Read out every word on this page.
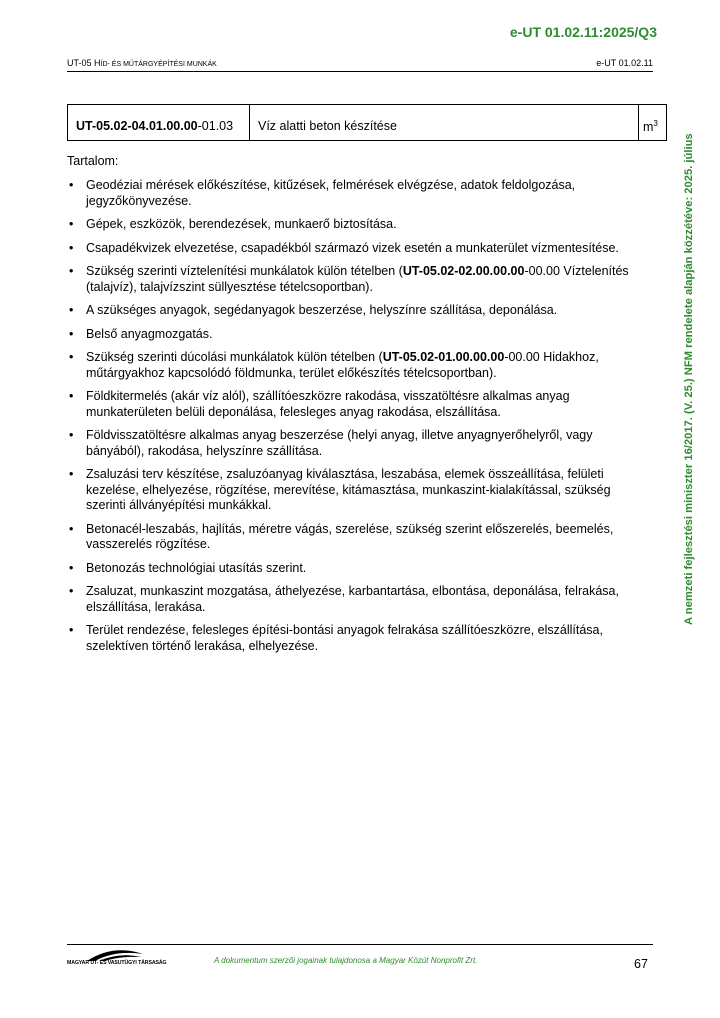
e-UT 01.02.11:2025/Q3
UT-05 HÍD- ÉS MŰTÁRGYÉPÍTÉSI MUNKÁK	e-UT 01.02.11
A nemzeti fejlesztési miniszter 16/2017. (V. 25.) NFM rendelete alapján közzétéve: 2025. július
UT-05.02-04.01.00.00-01.03	Víz alatti beton készítése	$m^3$
Tartalom:
• Geodéziai mérések előkészítése, kitűzések, felmérések elvégzése, adatok feldolgozása, jegyzőkönyvezése.
• Gépek, eszközök, berendezések, munkaerő biztosítása.
• Csapadékvizek elvezetése, csapadékból származó vizek esetén a munkaterület vízmentesítése.
• Szükség szerinti víztelenítési munkálatok külön tételben (UT-05.02-02.00.00.00-00.00 Víztelenítés (talajvíz), talajvízszint süllyesztése tételcsoportban).
• A szükséges anyagok, segédanyagok beszerzése, helyszínre szállítása, deponálása.
• Belső anyagmozgatás.
• Szükség szerinti dúcolási munkálatok külön tételben (UT-05.02-01.00.00.00-00.00 Hidakhoz, műtárgyakhoz kapcsolódó földmunka, terület előkészítés tételcsoportban).
• Földkitermelés (akár víz alól), szállítóeszközre rakodása, visszatöltésre alkalmas anyag munkaterületen belüli deponálása, felesleges anyag rakodása, elszállítása.
• Földvisszatöltésre alkalmas anyag beszerzése (helyi anyag, illetve anyagnyerőhelyről, vagy bányából), rakodása, helyszínre szállítása.
• Zsaluzási terv készítése, zsaluzóanyag kiválasztása, leszabása, elemek összeállítása, felületi kezelése, elhelyezése, rögzítése, merevítése, kitámasztása, munkaszint-kialakítással, szükség szerinti állványépítési munkákkal.
• Betonacél-leszabás, hajlítás, méretre vágás, szerelése, szükség szerint előszerelés, beemelés, vasszerelés rögzítése.
• Betonozás technológiai utasítás szerint.
• Zsaluzat, munkaszint mozgatása, áthelyezése, karbantartása, elbontása, deponálása, felrakása, elszállítása, lerakása.
• Terület rendezése, felesleges építési-bontási anyagok felrakása szállítóeszközre, elszállítása, szelektíven történő lerakása, elhelyezése.
MAGYAR UT- ÉS VASUTÜGYI TÁRSASÁG	A dokumentum szerzői jogainak tulajdonosa a Magyar Közút Nonprofit Zrt.	67
